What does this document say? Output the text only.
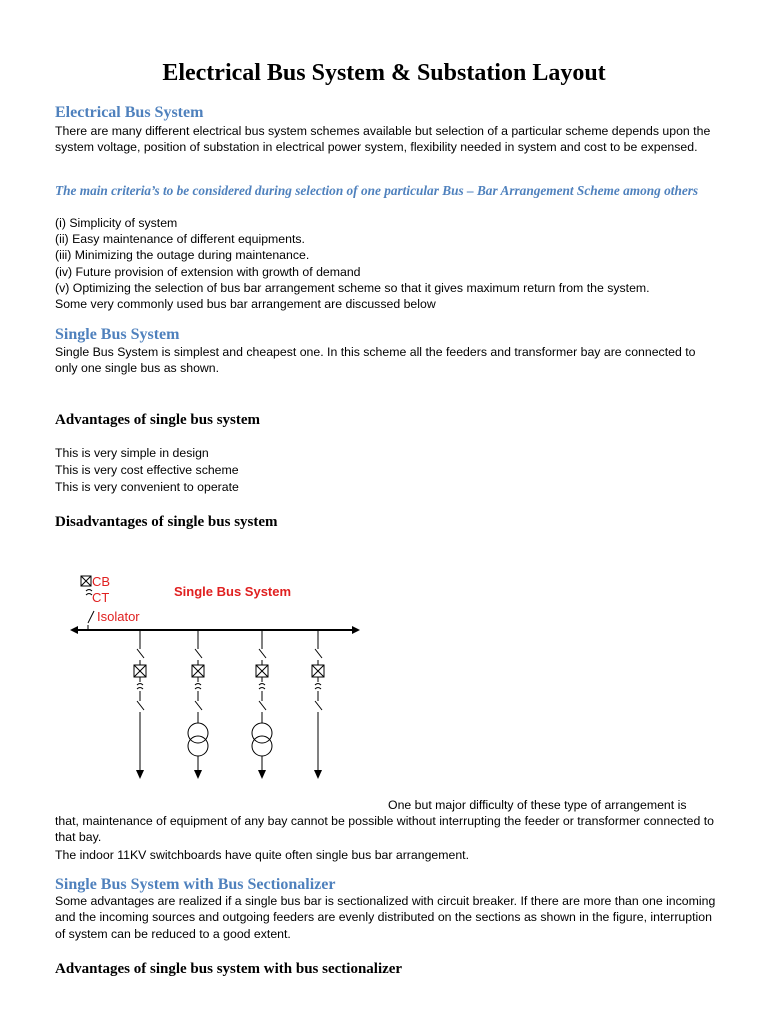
Electrical Bus System & Substation Layout
Electrical Bus System
There are many different electrical bus system schemes available but selection of a particular scheme depends upon the system voltage, position of substation in electrical power system, flexibility needed in system and cost to be expensed.
The main criteria’s to be considered during selection of one particular Bus – Bar Arrangement Scheme among others
(i) Simplicity of system
(ii) Easy maintenance of different equipments.
(iii) Minimizing the outage during maintenance.
(iv) Future provision of extension with growth of demand
(v) Optimizing the selection of bus bar arrangement scheme so that it gives maximum return from the system.
Some very commonly used bus bar arrangement are discussed below
Single Bus System
Single Bus System is simplest and cheapest one. In this scheme all the feeders and transformer bay are connected to only one single bus as shown.
Advantages of single bus system
This is very simple in design
This is very cost effective scheme
This is very convenient to operate
Disadvantages of single bus system
CB
CT
Isolator
Single Bus System
One but major difficulty of these type of arrangement is
that, maintenance of equipment of any bay cannot be possible without interrupting the feeder or transformer connected to that bay.
The indoor 11KV switchboards have quite often single bus bar arrangement.
Single Bus System with Bus Sectionalizer
Some advantages are realized if a single bus bar is sectionalized with circuit breaker. If there are more than one incoming and the incoming sources and outgoing feeders are evenly distributed on the sections as shown in the figure, interruption of system can be reduced to a good extent.
Advantages of single bus system with bus sectionalizer
